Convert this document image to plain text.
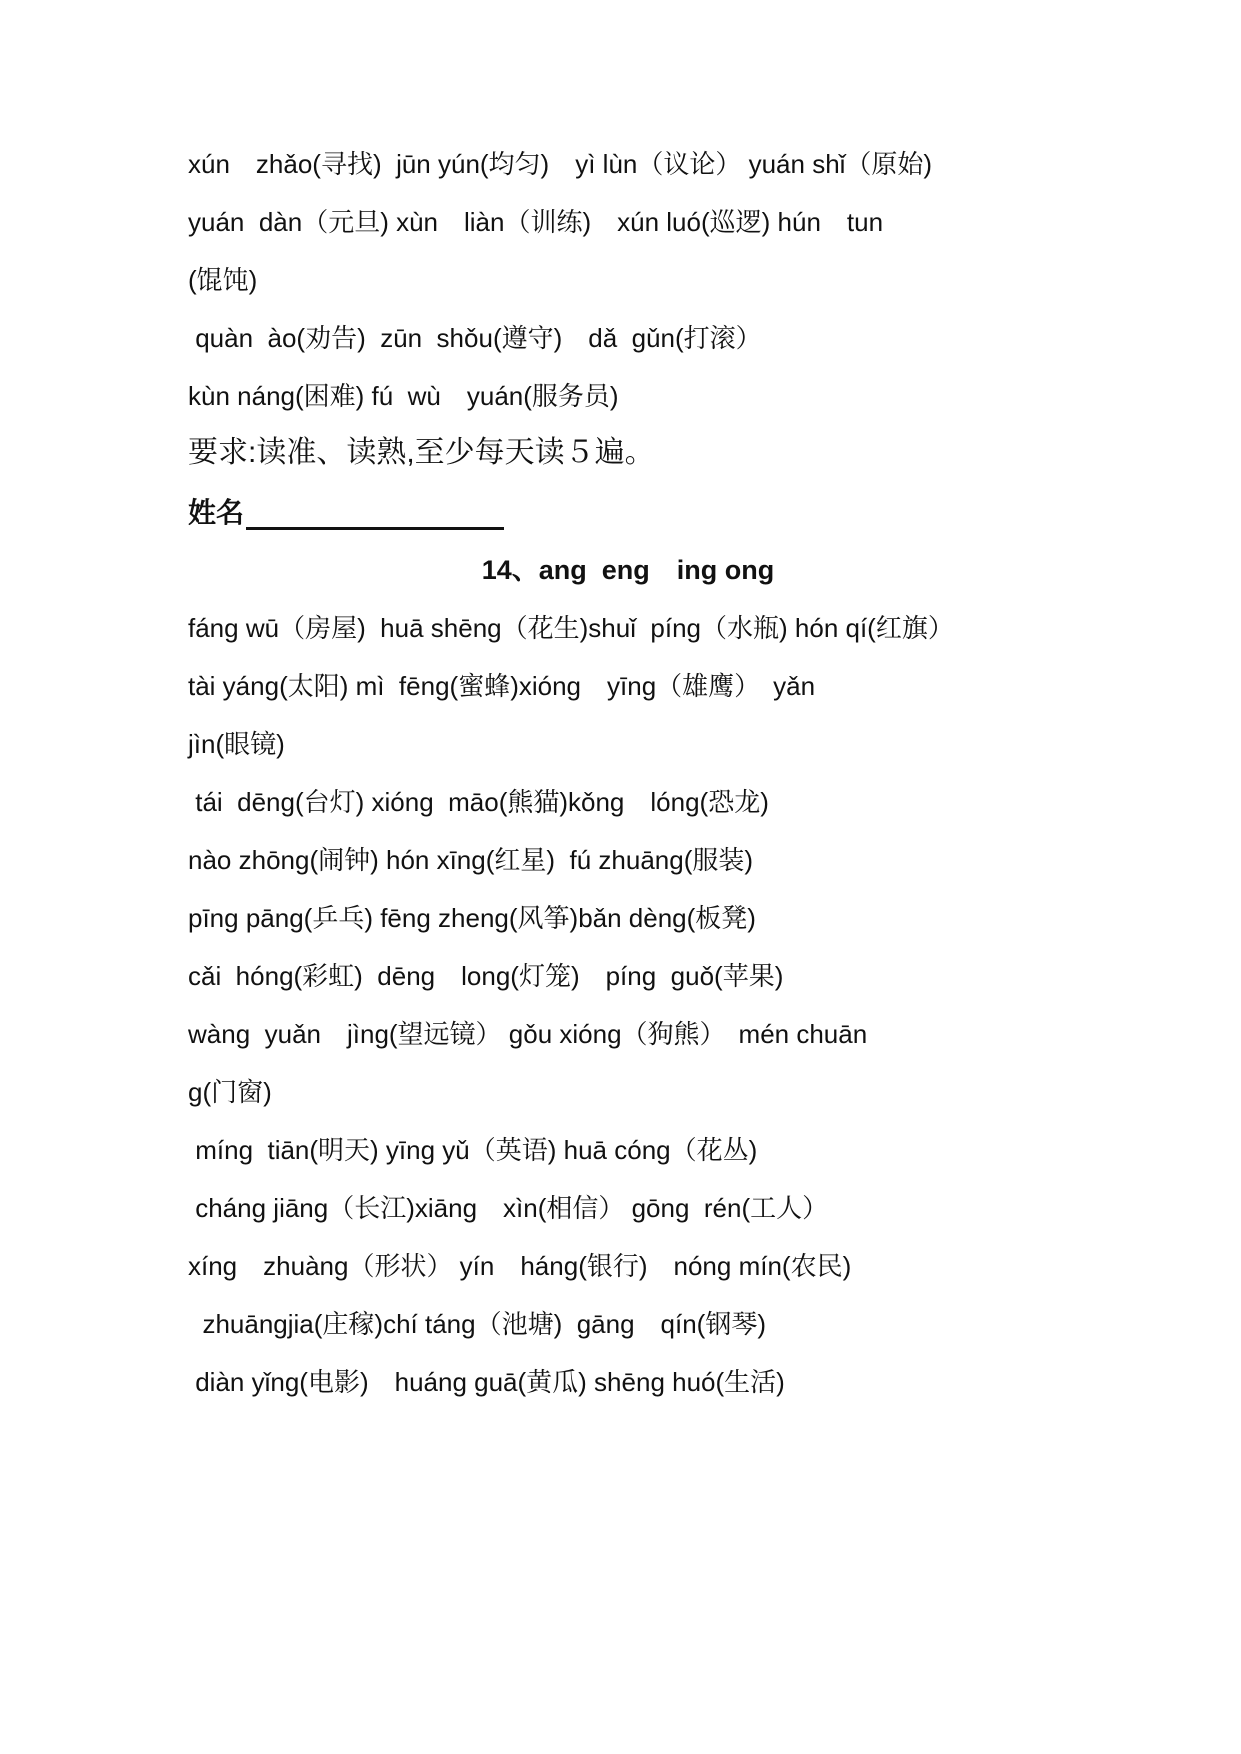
xún　zhǎo(寻找)  jūn yún(均匀)　yì lùn（议论） yuán shǐ（原始)
yuán  dàn（元旦) xùn　liàn（训练)　xún luó(巡逻) hún　tun
(馄饨)
quàn  ào(劝告)  zūn  shǒu(遵守)　dǎ  gǔn(打滚）
kùn nánɡ(困难) fú  wù　yuán(服务员)
要求:读准、读熟,至少每天读５遍。
姓名
14、anɡ  enɡ　inɡ ong
fáng wū（房屋)  huā shēnɡ（花生)shuǐ  píng（水瓶) hón qí(红旗）
tài yáng(太阳) mì  fēnɡ(蜜蜂)xióng　yīng（雄鹰）　yǎn
jìn(眼镜)
tái  dēnɡ(台灯) xiónɡ  māo(熊猫)kǒnɡ　lóng(恐龙)
nào zhōng(闹钟) hón xīnɡ(红星)  fú zhuāng(服装)
pīng pāng(乒乓) fēng zheng(风筝)bǎn dèng(板凳)
cǎi  hóng(彩虹)  dēng　long(灯笼)　pínɡ  guǒ(苹果)
wànɡ  yuǎn　jìng(望远镜） gǒu xiónɡ（狗熊）　mén chuān
g(门窗)
mínɡ  tiān(明天) yīnɡ yǔ（英语) huā cóng（花丛)
cháng jiāng（长江)xiānɡ　xìn(相信） gōnɡ  rén(工人）
xínɡ　zhuàng（形状） yín　háng(银行)　nóng mín(农民)
zhuānɡjia(庄稼)chí táng（池塘)  gāng　qín(钢琴)
diàn yǐng(电影)　huáng guā(黄瓜) shēng huó(生活)
